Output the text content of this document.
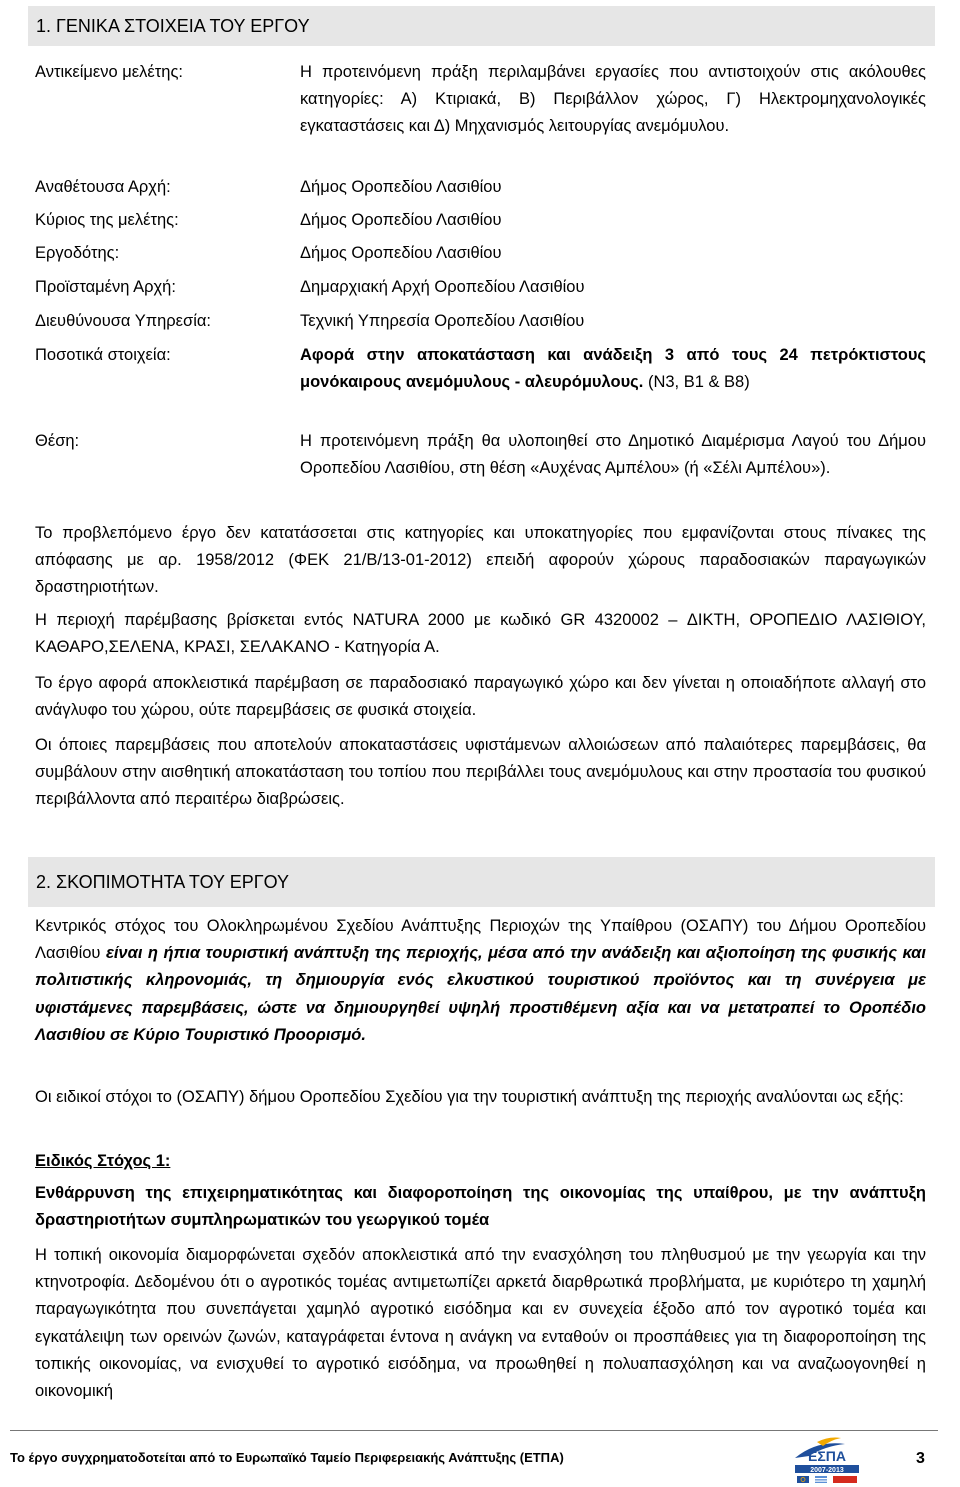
1. ΓΕΝΙΚΑ ΣΤΟΙΧΕΙΑ ΤΟΥ ΕΡΓΟΥ
Αντικείμενο μελέτης:	Η προτεινόμενη πράξη περιλαμβάνει εργασίες που αντιστοιχούν στις ακόλουθες κατηγορίες: Α) Κτιριακά, Β) Περιβάλλον χώρος, Γ) Ηλεκτρομηχανολογικές εγκαταστάσεις και Δ) Μηχανισμός λειτουργίας ανεμόμυλου.
Αναθέτουσα Αρχή:	Δήμος Οροπεδίου Λασιθίου
Κύριος της μελέτης:	Δήμος Οροπεδίου Λασιθίου
Εργοδότης:	Δήμος Οροπεδίου Λασιθίου
Προϊσταμένη Αρχή:	Δημαρχιακή Αρχή Οροπεδίου Λασιθίου
Διευθύνουσα Υπηρεσία:	Τεχνική Υπηρεσία Οροπεδίου Λασιθίου
Ποσοτικά στοιχεία:	Αφορά στην αποκατάσταση και ανάδειξη 3 από τους 24 πετρόκτιστους μονόκαιρους ανεμόμυλους - αλευρόμυλους. (Ν3, Β1 & Β8)
Θέση:	Η προτεινόμενη πράξη θα υλοποιηθεί στο Δημοτικό Διαμέρισμα Λαγού του Δήμου Οροπεδίου Λασιθίου, στη θέση «Αυχένας Αμπέλου» (ή «Σέλι Αμπέλου»).

Το προβλεπόμενο έργο δεν κατατάσσεται στις κατηγορίες και υποκατηγορίες που εμφανίζονται στους πίνακες της απόφασης με αρ. 1958/2012 (ΦΕΚ 21/Β/13-01-2012) επειδή αφορούν χώρους παραδοσιακών παραγωγικών δραστηριοτήτων.

Η περιοχή παρέμβασης βρίσκεται εντός NATURA 2000 με κωδικό GR 4320002 – ΔΙΚΤΗ, ΟΡΟΠΕΔΙΟ ΛΑΣΙΘΙΟΥ, ΚΑΘΑΡΟ,ΣΕΛΕΝΑ, ΚΡΑΣΙ, ΣΕΛΑΚΑΝΟ - Κατηγορία Α.

Το έργο αφορά αποκλειστικά παρέμβαση σε παραδοσιακό παραγωγικό χώρο και δεν γίνεται η οποιαδήποτε αλλαγή στο ανάγλυφο του χώρου, ούτε παρεμβάσεις σε φυσικά στοιχεία.

Οι όποιες παρεμβάσεις που αποτελούν αποκαταστάσεις υφιστάμενων αλλοιώσεων από παλαιότερες παρεμβάσεις, θα συμβάλουν στην αισθητική αποκατάσταση του τοπίου που περιβάλλει τους ανεμόμυλους και στην προστασία του φυσικού περιβάλλοντα από περαιτέρω διαβρώσεις.

2. ΣΚΟΠΙΜΟΤΗΤΑ ΤΟΥ ΕΡΓΟΥ

Κεντρικός στόχος του Ολοκληρωμένου Σχεδίου Ανάπτυξης Περιοχών της Υπαίθρου (ΟΣΑΠΥ) του Δήμου Οροπεδίου Λασιθίου είναι η ήπια τουριστική ανάπτυξη της περιοχής, μέσα από την ανάδειξη και αξιοποίηση της φυσικής και πολιτιστικής κληρονομιάς, τη δημιουργία ενός ελκυστικού τουριστικού προϊόντος και τη συνέργεια με υφιστάμενες παρεμβάσεις, ώστε να δημιουργηθεί υψηλή προστιθέμενη αξία και να μετατραπεί το Οροπέδιο Λασιθίου σε Κύριο Τουριστικό Προορισμό.

Οι ειδικοί στόχοι το (ΟΣΑΠΥ) δήμου Οροπεδίου Σχεδίου για την τουριστική ανάπτυξη της περιοχής αναλύονται ως εξής:

Ειδικός Στόχος 1:

Ενθάρρυνση της επιχειρηματικότητας και διαφοροποίηση της οικονομίας της υπαίθρου, με την ανάπτυξη δραστηριοτήτων συμπληρωματικών του γεωργικού τομέα

Η τοπική οικονομία διαμορφώνεται σχεδόν αποκλειστικά από την ενασχόληση του πληθυσμού με την γεωργία και την κτηνοτροφία. Δεδομένου ότι ο αγροτικός τομέας αντιμετωπίζει αρκετά διαρθρωτικά προβλήματα, με κυριότερο τη χαμηλή παραγωγικότητα που συνεπάγεται χαμηλό αγροτικό εισόδημα και εν συνεχεία έξοδο από τον αγροτικό τομέα και εγκατάλειψη των ορεινών ζωνών, καταγράφεται έντονα η ανάγκη να ενταθούν οι προσπάθειες για τη διαφοροποίηση της τοπικής οικονομίας, να ενισχυθεί το αγροτικό εισόδημα, να προωθηθεί η πολυαπασχόληση και να αναζωογονηθεί η οικονομική

Το έργο συγχρηματοδοτείται από το Ευρωπαϊκό Ταμείο Περιφερειακής Ανάπτυξης (ΕΤΠΑ)	ΕΣΠΑ
2007-2013
3
